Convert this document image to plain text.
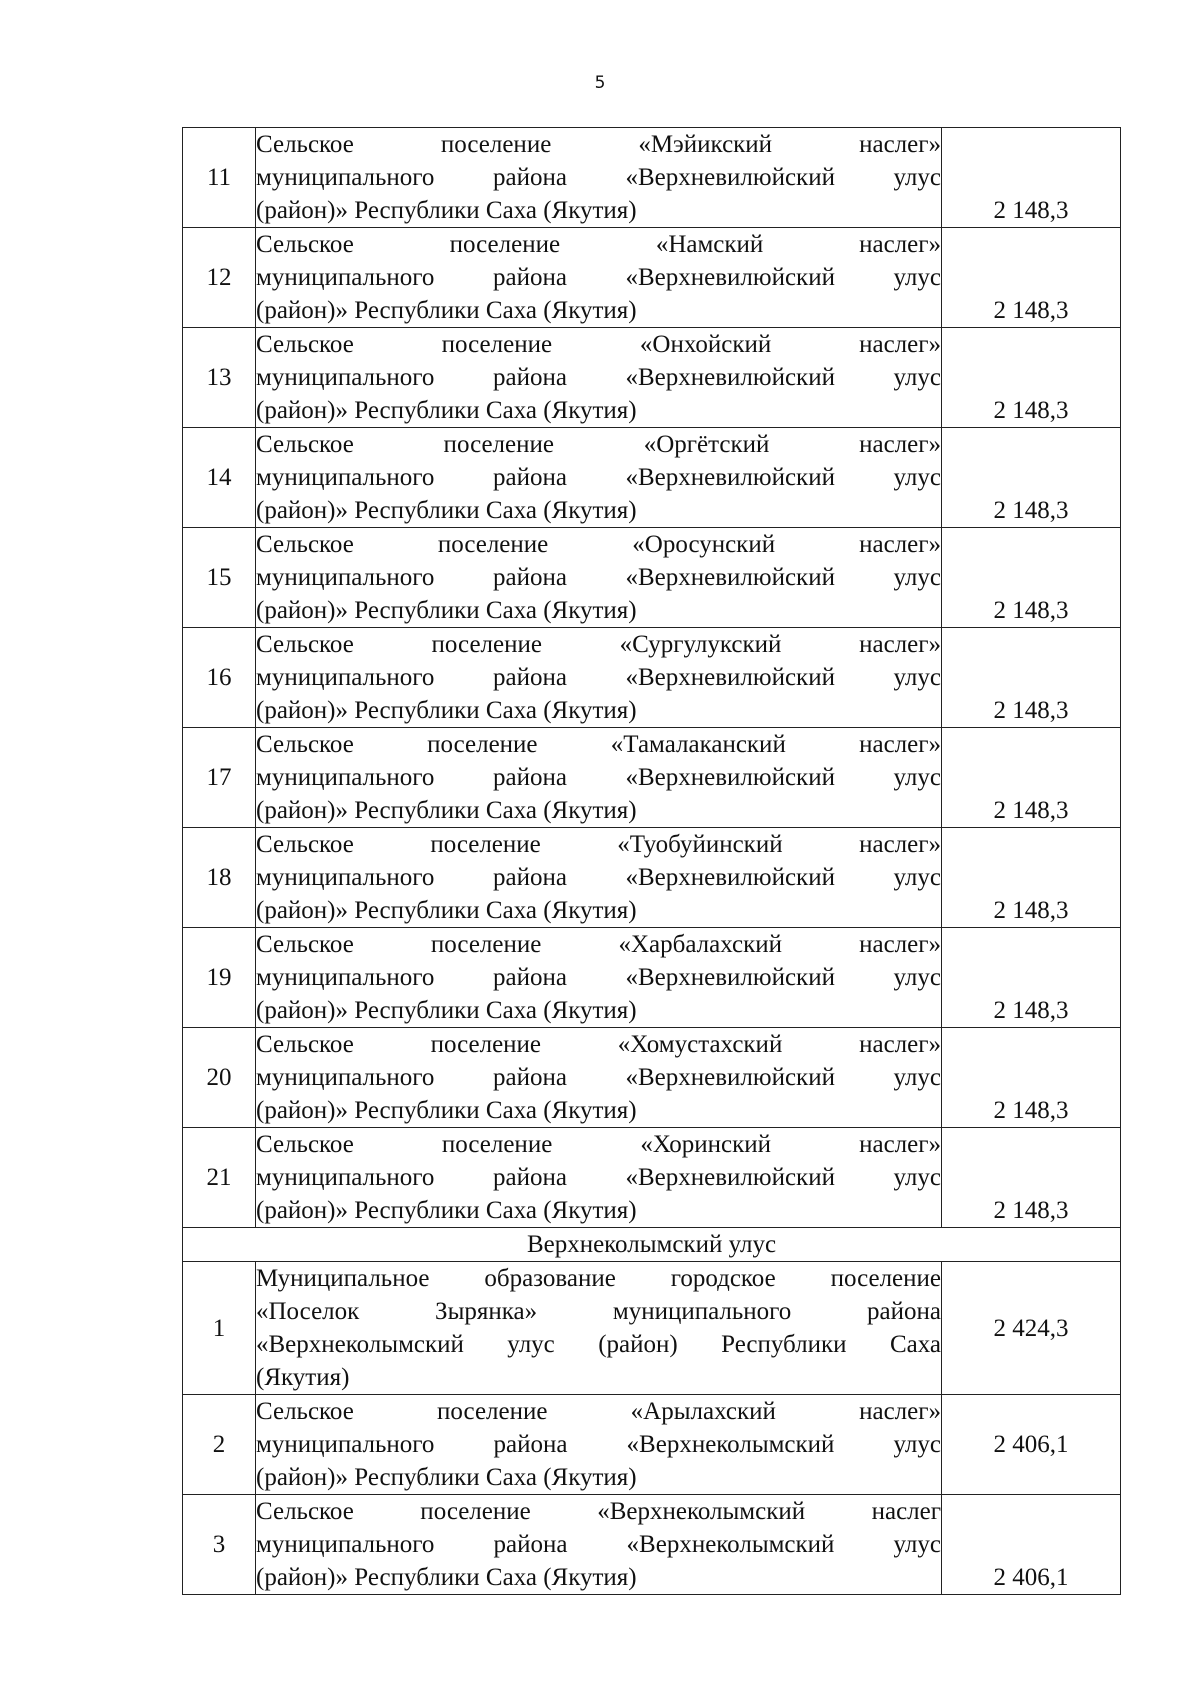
5
11	Сельское поселение «Мэйикский наслег»
муниципального района «Верхневилюйский улус
(район)» Республики Саха (Якутия)	2 148,3
12	Сельское поселение «Намский наслег»
муниципального района «Верхневилюйский улус
(район)» Республики Саха (Якутия)	2 148,3
13	Сельское поселение «Онхойский наслег»
муниципального района «Верхневилюйский улус
(район)» Республики Саха (Якутия)	2 148,3
14	Сельское поселение «Оргётский наслег»
муниципального района «Верхневилюйский улус
(район)» Республики Саха (Якутия)	2 148,3
15	Сельское поселение «Оросунский наслег»
муниципального района «Верхневилюйский улус
(район)» Республики Саха (Якутия)	2 148,3
16	Сельское поселение «Сургулукский наслег»
муниципального района «Верхневилюйский улус
(район)» Республики Саха (Якутия)	2 148,3
17	Сельское поселение «Тамалаканский наслег»
муниципального района «Верхневилюйский улус
(район)» Республики Саха (Якутия)	2 148,3
18	Сельское поселение «Туобуйинский наслег»
муниципального района «Верхневилюйский улус
(район)» Республики Саха (Якутия)	2 148,3
19	Сельское поселение «Харбалахский наслег»
муниципального района «Верхневилюйский улус
(район)» Республики Саха (Якутия)	2 148,3
20	Сельское поселение «Хомустахский наслег»
муниципального района «Верхневилюйский улус
(район)» Республики Саха (Якутия)	2 148,3
21	Сельское поселение «Хоринский наслег»
муниципального района «Верхневилюйский улус
(район)» Республики Саха (Якутия)	2 148,3
Верхнеколымский улус		
1	Муниципальное образование городское поселение
«Поселок Зырянка» муниципального района
«Верхнеколымский улус (район) Республики Саха
(Якутия)	2 424,3
2	Сельское поселение «Арылахский наслег»
муниципального района «Верхнеколымский улус
(район)» Республики Саха (Якутия)	2 406,1
3	Сельское поселение «Верхнеколымский наслег
муниципального района «Верхнеколымский улус
(район)» Республики Саха (Якутия)	2 406,1
